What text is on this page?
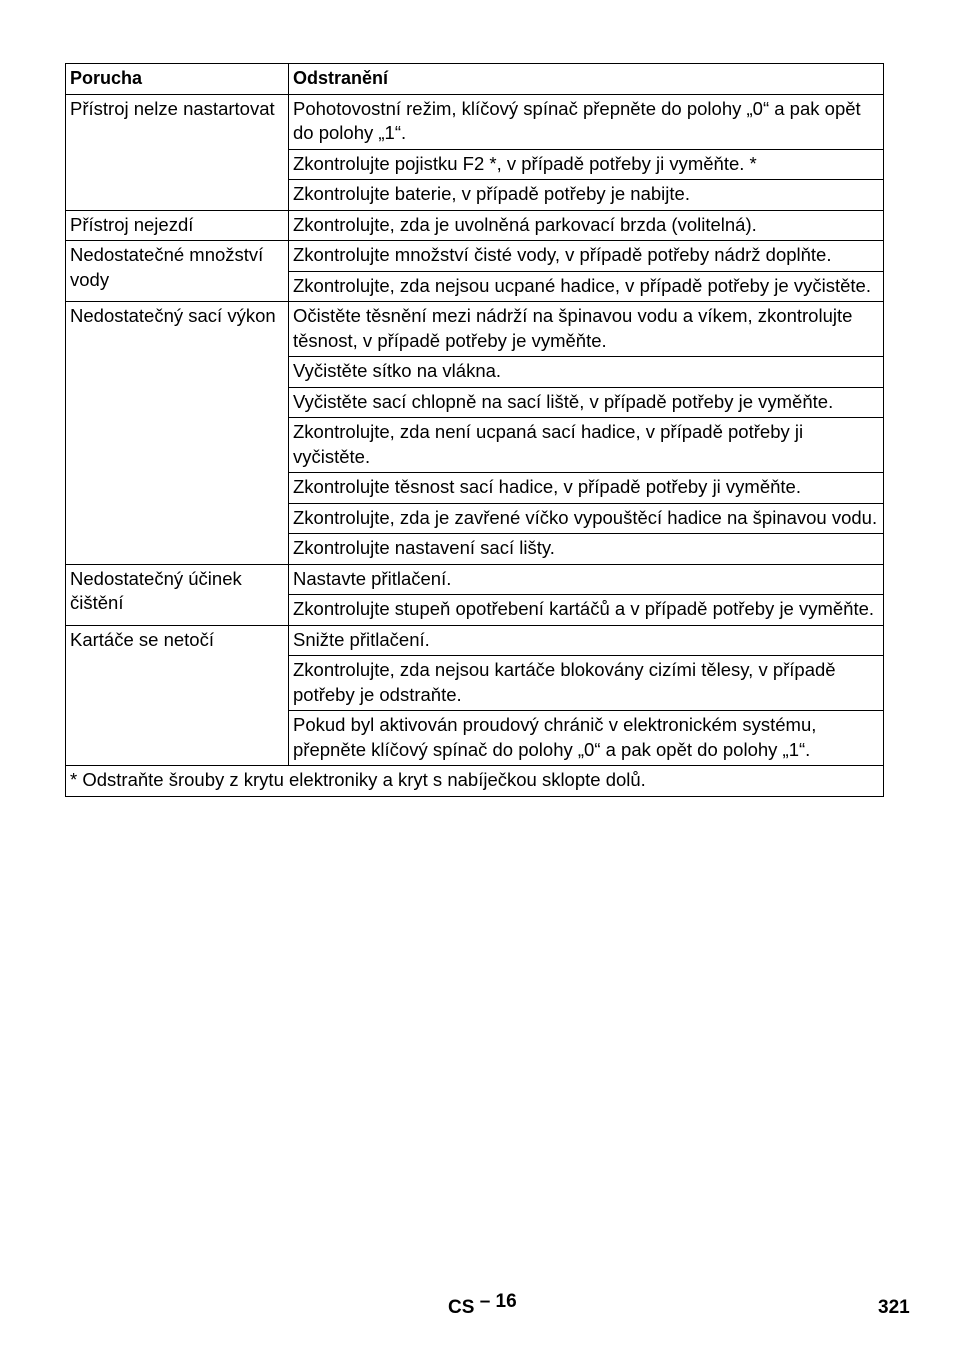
Porucha	Odstranění
Přístroj nelze nastartovat	Pohotovostní režim, klíčový spínač přepněte do polohy „0“ a pak opět do polohy „1“.
	Zkontrolujte pojistku F2 *, v případě potřeby ji vyměňte. *
	Zkontrolujte baterie, v případě potřeby je nabijte.
Přístroj nejezdí	Zkontrolujte, zda je uvolněná parkovací brzda (volitelná).
Nedostatečné množství vody	Zkontrolujte množství čisté vody, v případě potřeby nádrž doplňte.
	Zkontrolujte, zda nejsou ucpané hadice, v případě potřeby je vyčistěte.
Nedostatečný sací výkon	Očistěte těsnění mezi nádrží na špinavou vodu a víkem, zkontrolujte těsnost, v případě potřeby je vyměňte.
	Vyčistěte sítko na vlákna.
	Vyčistěte sací chlopně na sací liště, v případě potřeby je vyměňte.
	Zkontrolujte, zda není ucpaná sací hadice, v případě potřeby ji vyčistěte.
	Zkontrolujte těsnost sací hadice, v případě potřeby ji vyměňte.
	Zkontrolujte, zda je zavřené víčko vypouštěcí hadice na špinavou vodu.
	Zkontrolujte nastavení sací lišty.
Nedostatečný účinek čištění	Nastavte přitlačení.
	Zkontrolujte stupeň opotřebení kartáčů a v případě potřeby je vyměňte.
Kartáče se netočí	Snižte přitlačení.
	Zkontrolujte, zda nejsou kartáče blokovány cizími tělesy, v případě potřeby je odstraňte.
	Pokud byl aktivován proudový chránič v elektronickém systému, přepněte klíčový spínač do polohy „0“ a pak opět do polohy „1“.
* Odstraňte šrouby z krytu elektroniky a kryt s nabíječkou sklopte dolů.	
CS – 16	321
